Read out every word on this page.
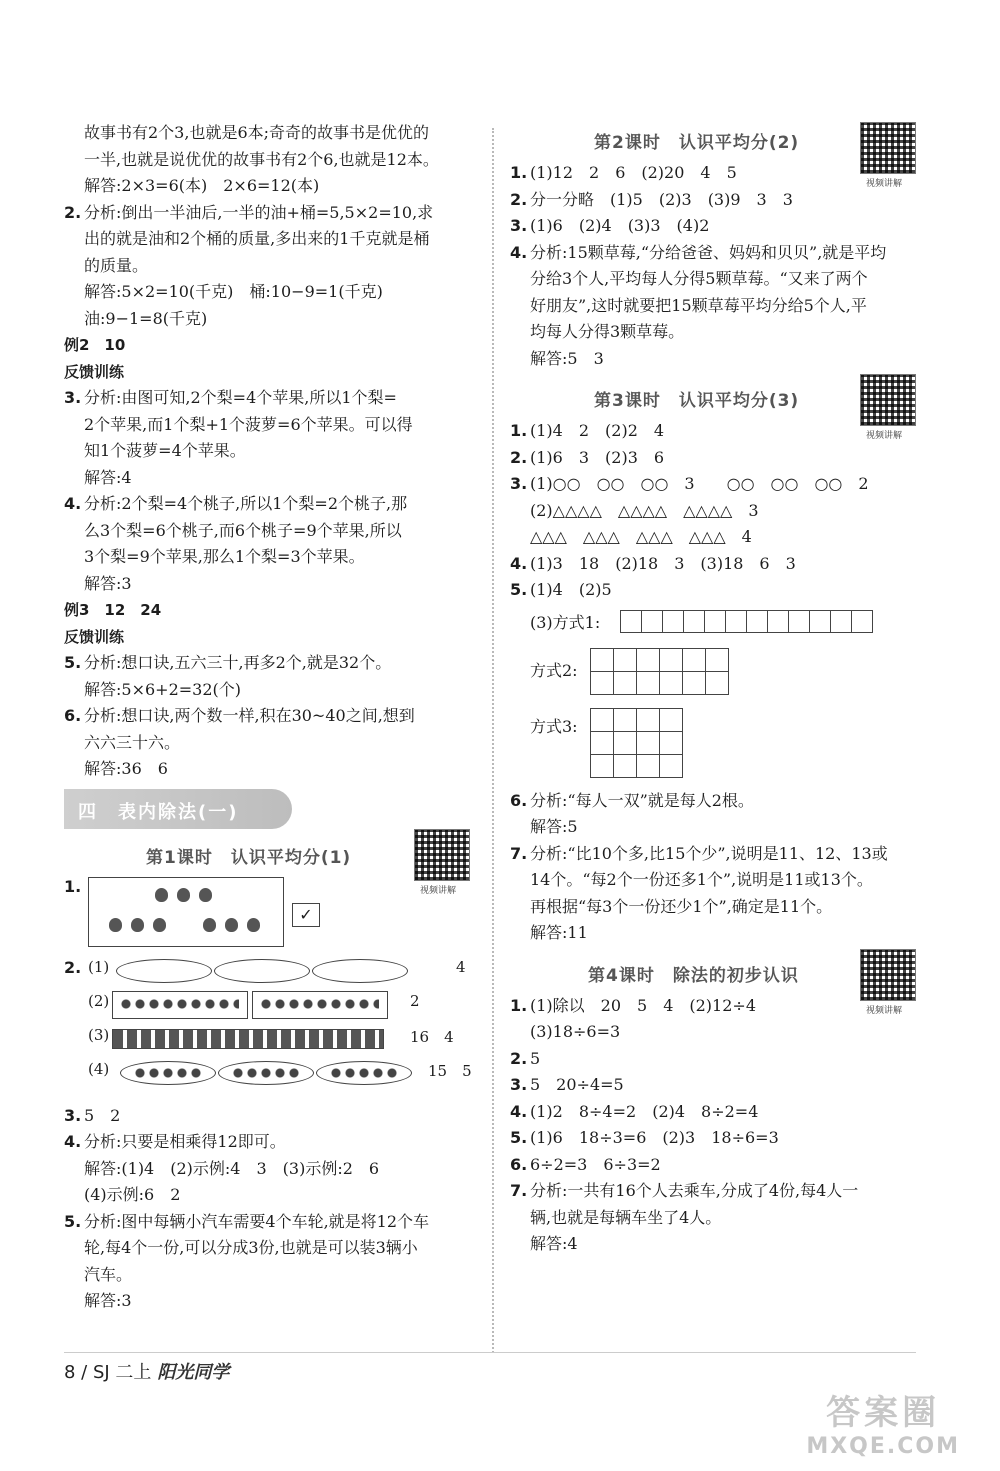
故事书有2个3,也就是6本;奇奇的故事书是优优的
一半,也就是说优优的故事书有2个6,也就是12本。
解答:2×3=6(本)　2×6=12(本)
2. 分析:倒出一半油后,一半的油+桶=5,5×2=10,求
出的就是油和2个桶的质量,多出来的1千克就是桶
的质量。
解答:5×2=10(千克)　桶:10−9=1(千克)
油:9−1=8(千克)
例2　10
反馈训练
3. 分析:由图可知,2个梨=4个苹果,所以1个梨=
2个苹果,而1个梨+1个菠萝=6个苹果。可以得
知1个菠萝=4个苹果。
解答:4
4. 分析:2个梨=4个桃子,所以1个梨=2个桃子,那
么3个梨=6个桃子,而6个桃子=9个苹果,所以
3个梨=9个苹果,那么1个梨=3个苹果。
解答:3
例3　12　24
反馈训练
5. 分析:想口诀,五六三十,再多2个,就是32个。
解答:5×6+2=32(个)
6. 分析:想口诀,两个数一样,积在30~40之间,想到
六六三十六。
解答:36　6
四　表内除法(一)
第1课时　认识平均分(1)
视频讲解
1.
✓
2. (1)	4
(2)	2
(3)	16　4
(4)	15　5
3. 5　2
4. 分析:只要是相乘得12即可。
解答:(1)4　(2)示例:4　3　(3)示例:2　6
(4)示例:6　2
5. 分析:图中每辆小汽车需要4个车轮,就是将12个车
轮,每4个一份,可以分成3份,也就是可以装3辆小
汽车。
解答:3
第2课时　认识平均分(2)
视频讲解
1. (1)12　2　6　(2)20　4　5
2. 分一分略　(1)5　(2)3　(3)9　3　3
3. (1)6　(2)4　(3)3　(4)2
4. 分析:15颗草莓,“分给爸爸、妈妈和贝贝”,就是平均
分给3个人,平均每人分得5颗草莓。“又来了两个
好朋友”,这时就要把15颗草莓平均分给5个人,平
均每人分得3颗草莓。
解答:5　3
第3课时　认识平均分(3)
视频讲解
1. (1)4　2　(2)2　4
2. (1)6　3　(2)3　6
3. (1)○○　○○　○○　3　　○○　○○　○○　2
(2)△△△△　△△△△　△△△△　3
△△△　△△△　△△△　△△△　4
4. (1)3　18　(2)18　3　(3)18　6　3
5. (1)4　(2)5
(3)方式1:
方式2:
方式3:
6. 分析:“每人一双”就是每人2根。
解答:5
7. 分析:“比10个多,比15个少”,说明是11、12、13或
14个。“每2个一份还多1个”,说明是11或13个。
再根据“每3个一份还少1个”,确定是11个。
解答:11
第4课时　除法的初步认识
视频讲解
1. (1)除以　20　5　4　(2)12÷4
(3)18÷6=3
2. 5
3. 5　20÷4=5
4. (1)2　8÷4=2　(2)4　8÷2=4
5. (1)6　18÷3=6　(2)3　18÷6=3
6. 6÷2=3　6÷3=2
7. 分析:一共有16个人去乘车,分成了4份,每4人一
辆,也就是每辆车坐了4人。
解答:4
8 / SJ 二上 阳光同学
答案圈
MXQE.COM
